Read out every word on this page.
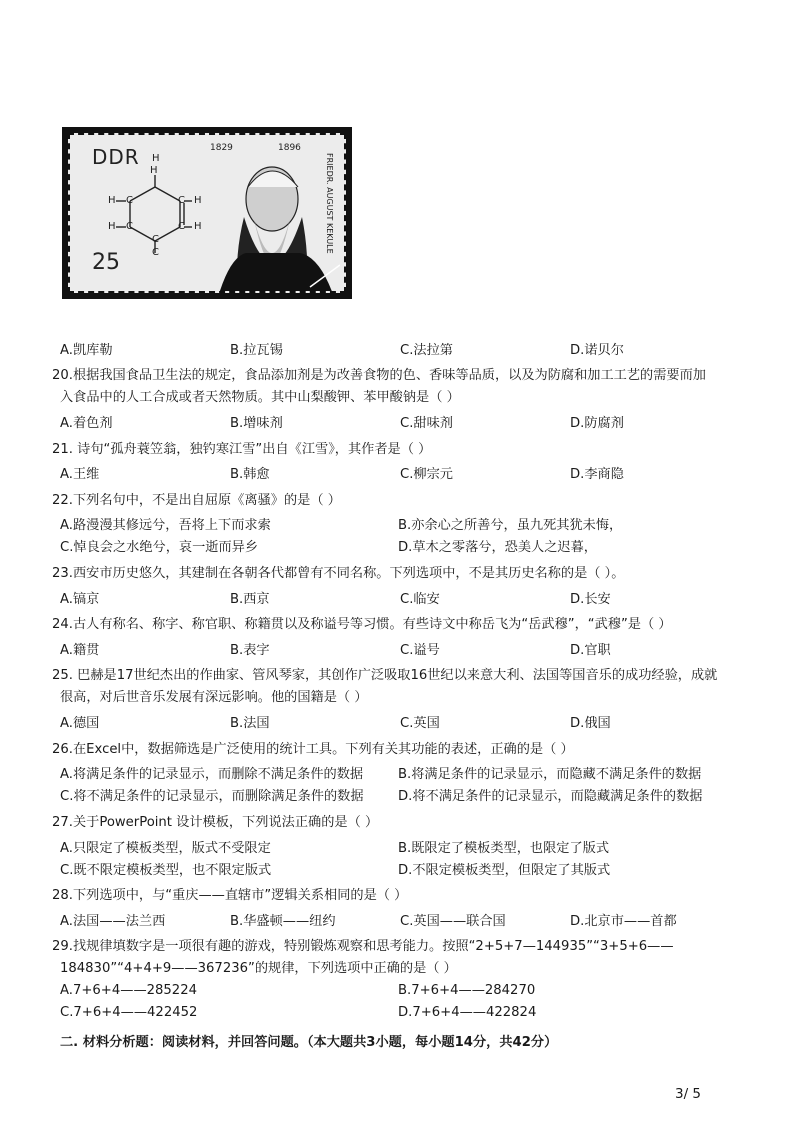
DDR
25
1829	1896
FRIEDR. AUGUST KEKULE
H
H C	H
C
C
H	C
C
H
C
H
A.凯库勒	B.拉瓦锡	C.法拉第	D.诺贝尔
20.根据我国食品卫生法的规定，食品添加剂是为改善食物的色、香味等品质，以及为防腐和加工工艺的需要而加
入食品中的人工合成或者天然物质。其中山梨酸钾、苯甲酸钠是（ ）
A.着色剂	B.增味剂	C.甜味剂	D.防腐剂
21. 诗句“孤舟蓑笠翁，独钓寒江雪”出自《江雪》，其作者是（ ）
A.王维	B.韩愈	C.柳宗元	D.李商隐
22.下列名句中，不是出自屈原《离骚》的是（ ）
A.路漫漫其修远兮，吾将上下而求索	B.亦余心之所善兮，虽九死其犹未悔，
C.悼良会之水绝兮，哀一逝而异乡	D.草木之零落兮，恐美人之迟暮，
23.西安市历史悠久，其建制在各朝各代都曾有不同名称。下列选项中，不是其历史名称的是（ ）。
A.镐京	B.西京	C.临安	D.长安
24.古人有称名、称字、称官职、称籍贯以及称谥号等习惯。有些诗文中称岳飞为“岳武穆”，“武穆”是（ ）
A.籍贯	B.表字	C.谥号	D.官职
25. 巴赫是17世纪杰出的作曲家、管风琴家，其创作广泛吸取16世纪以来意大利、法国等国音乐的成功经验，成就
很高，对后世音乐发展有深远影响。他的国籍是（ ）
A.德国	B.法国	C.英国	D.俄国
26.在Excel中，数据筛选是广泛使用的统计工具。下列有关其功能的表述，正确的是（ ）
A.将满足条件的记录显示，而删除不满足条件的数据	B.将满足条件的记录显示，而隐藏不满足条件的数据
C.将不满足条件的记录显示，而删除满足条件的数据	D.将不满足条件的记录显示，而隐藏满足条件的数据
27.关于PowerPoint 设计模板，下列说法正确的是（ ）
A.只限定了模板类型，版式不受限定	B.既限定了模板类型，也限定了版式
C.既不限定模板类型，也不限定版式	D.不限定模板类型，但限定了其版式
28.下列选项中，与“重庆——直辖市”逻辑关系相同的是（ ）
A.法国——法兰西	B.华盛顿——纽约	C.英国——联合国	D.北京市——首都
29.找规律填数字是一项很有趣的游戏，特别锻炼观察和思考能力。按照“2+5+7—144935”“3+5+6——
184830”“4+4+9——367236”的规律，下列选项中正确的是（ ）
A.7+6+4——285224	B.7+6+4——284270
C.7+6+4——422452	D.7+6+4——422824
二. 材料分析题：阅读材料，并回答问题。（本大题共3小题，每小题14分，共42分）
3/ 5
